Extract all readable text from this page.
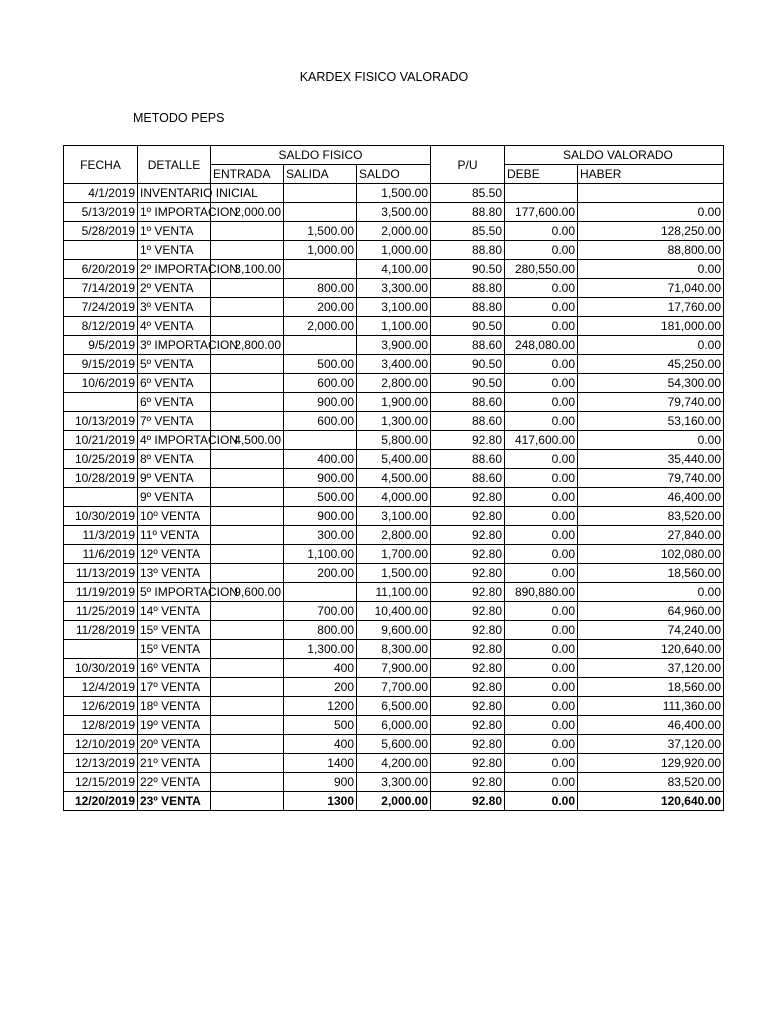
KARDEX FISICO VALORADO
METODO PEPS
FECHA	DETALLE	SALDO FISICO			P/U	SALDO VALORADO	
		ENTRADA	SALIDA	SALDO		DEBE	HABER
4/1/2019	INVENTARIO INICIAL			1,500.00	85.50		
5/13/2019	1º IMPORTACION	2,000.00		3,500.00	88.80	177,600.00	0.00
5/28/2019	1º VENTA		1,500.00	2,000.00	85.50	0.00	128,250.00
	1º VENTA		1,000.00	1,000.00	88.80	0.00	88,800.00
6/20/2019	2º IMPORTACION	3,100.00		4,100.00	90.50	280,550.00	0.00
7/14/2019	2º VENTA		800.00	3,300.00	88.80	0.00	71,040.00
7/24/2019	3º VENTA		200.00	3,100.00	88.80	0.00	17,760.00
8/12/2019	4º VENTA		2,000.00	1,100.00	90.50	0.00	181,000.00
9/5/2019	3º IMPORTACION	2,800.00		3,900.00	88.60	248,080.00	0.00
9/15/2019	5º VENTA		500.00	3,400.00	90.50	0.00	45,250.00
10/6/2019	6º VENTA		600.00	2,800.00	90.50	0.00	54,300.00
	6º VENTA		900.00	1,900.00	88.60	0.00	79,740.00
10/13/2019	7º VENTA		600.00	1,300.00	88.60	0.00	53,160.00
10/21/2019	4º IMPORTACION	4,500.00		5,800.00	92.80	417,600.00	0.00
10/25/2019	8º VENTA		400.00	5,400.00	88.60	0.00	35,440.00
10/28/2019	9º VENTA		900.00	4,500.00	88.60	0.00	79,740.00
	9º VENTA		500.00	4,000.00	92.80	0.00	46,400.00
10/30/2019	10º VENTA		900.00	3,100.00	92.80	0.00	83,520.00
11/3/2019	11º VENTA		300.00	2,800.00	92.80	0.00	27,840.00
11/6/2019	12º VENTA		1,100.00	1,700.00	92.80	0.00	102,080.00
11/13/2019	13º VENTA		200.00	1,500.00	92.80	0.00	18,560.00
11/19/2019	5º IMPORTACION	9,600.00		11,100.00	92.80	890,880.00	0.00
11/25/2019	14º VENTA		700.00	10,400.00	92.80	0.00	64,960.00
11/28/2019	15º VENTA		800.00	9,600.00	92.80	0.00	74,240.00
	15º VENTA		1,300.00	8,300.00	92.80	0.00	120,640.00
10/30/2019	16º VENTA		400	7,900.00	92.80	0.00	37,120.00
12/4/2019	17º VENTA		200	7,700.00	92.80	0.00	18,560.00
12/6/2019	18º VENTA		1200	6,500.00	92.80	0.00	111,360.00
12/8/2019	19º VENTA		500	6,000.00	92.80	0.00	46,400.00
12/10/2019	20º VENTA		400	5,600.00	92.80	0.00	37,120.00
12/13/2019	21º VENTA		1400	4,200.00	92.80	0.00	129,920.00
12/15/2019	22º VENTA		900	3,300.00	92.80	0.00	83,520.00
12/20/2019	23º VENTA		1300	2,000.00	92.80	0.00	120,640.00
